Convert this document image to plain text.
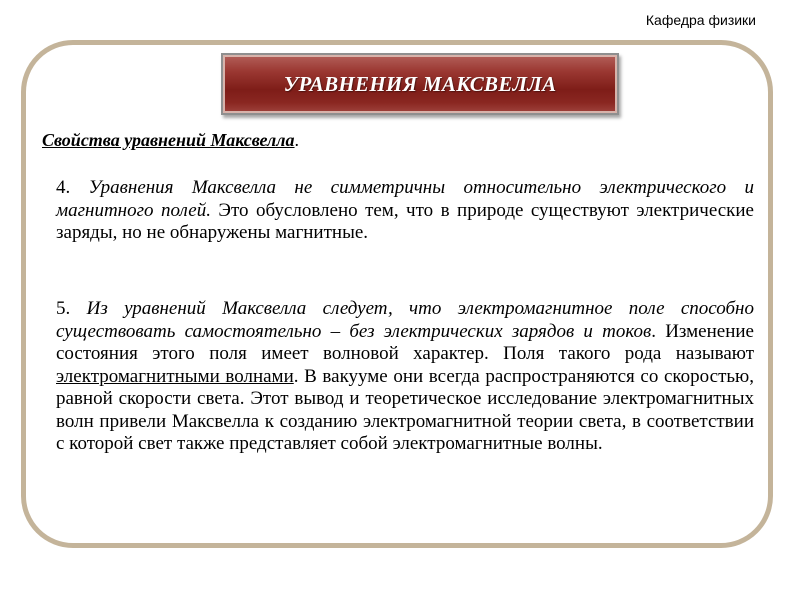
Кафедра физики
УРАВНЕНИЯ МАКСВЕЛЛА
Свойства уравнений Максвелла.

4. Уравнения Максвелла не симметричны относительно электрического и магнитного полей. Это обусловлено тем, что в природе существуют электрические заряды, но не обнаружены магнитные.

5. Из уравнений Максвелла следует, что электромагнитное поле способно существовать самостоятельно – без электрических зарядов и токов. Изменение состояния этого поля имеет волновой характер. Поля такого рода называют электромагнитными волнами. В вакууме они всегда распространяются со скоростью, равной скорости света. Этот вывод и теоретическое исследование электромагнитных волн привели Максвелла к созданию электромагнитной теории света, в соответствии с которой свет также представляет собой электромагнитные волны.
